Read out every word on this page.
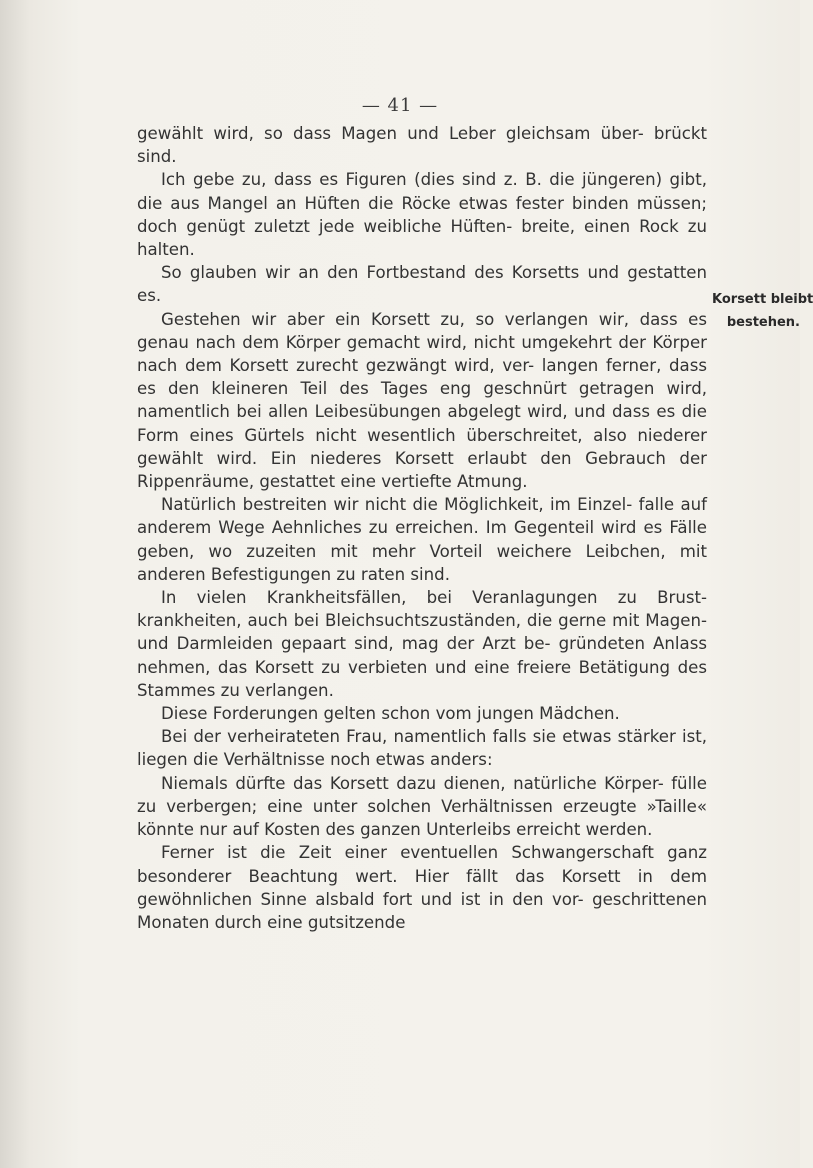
— 41 —
Korsett bleibt
bestehen.

gewählt wird, so dass Magen und Leber gleichsam über- brückt sind.

Ich gebe zu, dass es Figuren (dies sind z. B. die jüngeren) gibt, die aus Mangel an Hüften die Röcke etwas fester binden müssen; doch genügt zuletzt jede weibliche Hüften- breite, einen Rock zu halten.

So glauben wir an den Fortbestand des Korsetts und gestatten es.

Gestehen wir aber ein Korsett zu, so verlangen wir, dass es genau nach dem Körper gemacht wird, nicht umgekehrt der Körper nach dem Korsett zurecht gezwängt wird, ver- langen ferner, dass es den kleineren Teil des Tages eng geschnürt getragen wird, namentlich bei allen Leibesübungen abgelegt wird, und dass es die Form eines Gürtels nicht wesentlich überschreitet, also niederer gewählt wird. Ein niederes Korsett erlaubt den Gebrauch der Rippenräume, gestattet eine vertiefte Atmung.

Natürlich bestreiten wir nicht die Möglichkeit, im Einzel- falle auf anderem Wege Aehnliches zu erreichen. Im Gegenteil wird es Fälle geben, wo zuzeiten mit mehr Vorteil weichere Leibchen, mit anderen Befestigungen zu raten sind.

In vielen Krankheitsfällen, bei Veranlagungen zu Brust- krankheiten, auch bei Bleichsuchtszuständen, die gerne mit Magen- und Darmleiden gepaart sind, mag der Arzt be- gründeten Anlass nehmen, das Korsett zu verbieten und eine freiere Betätigung des Stammes zu verlangen.

Diese Forderungen gelten schon vom jungen Mädchen.

Bei der verheirateten Frau, namentlich falls sie etwas stärker ist, liegen die Verhältnisse noch etwas anders:

Niemals dürfte das Korsett dazu dienen, natürliche Körper- fülle zu verbergen; eine unter solchen Verhältnissen erzeugte »Taille« könnte nur auf Kosten des ganzen Unterleibs erreicht werden.

Ferner ist die Zeit einer eventuellen Schwangerschaft ganz besonderer Beachtung wert. Hier fällt das Korsett in dem gewöhnlichen Sinne alsbald fort und ist in den vor- geschrittenen Monaten durch eine gutsitzende
